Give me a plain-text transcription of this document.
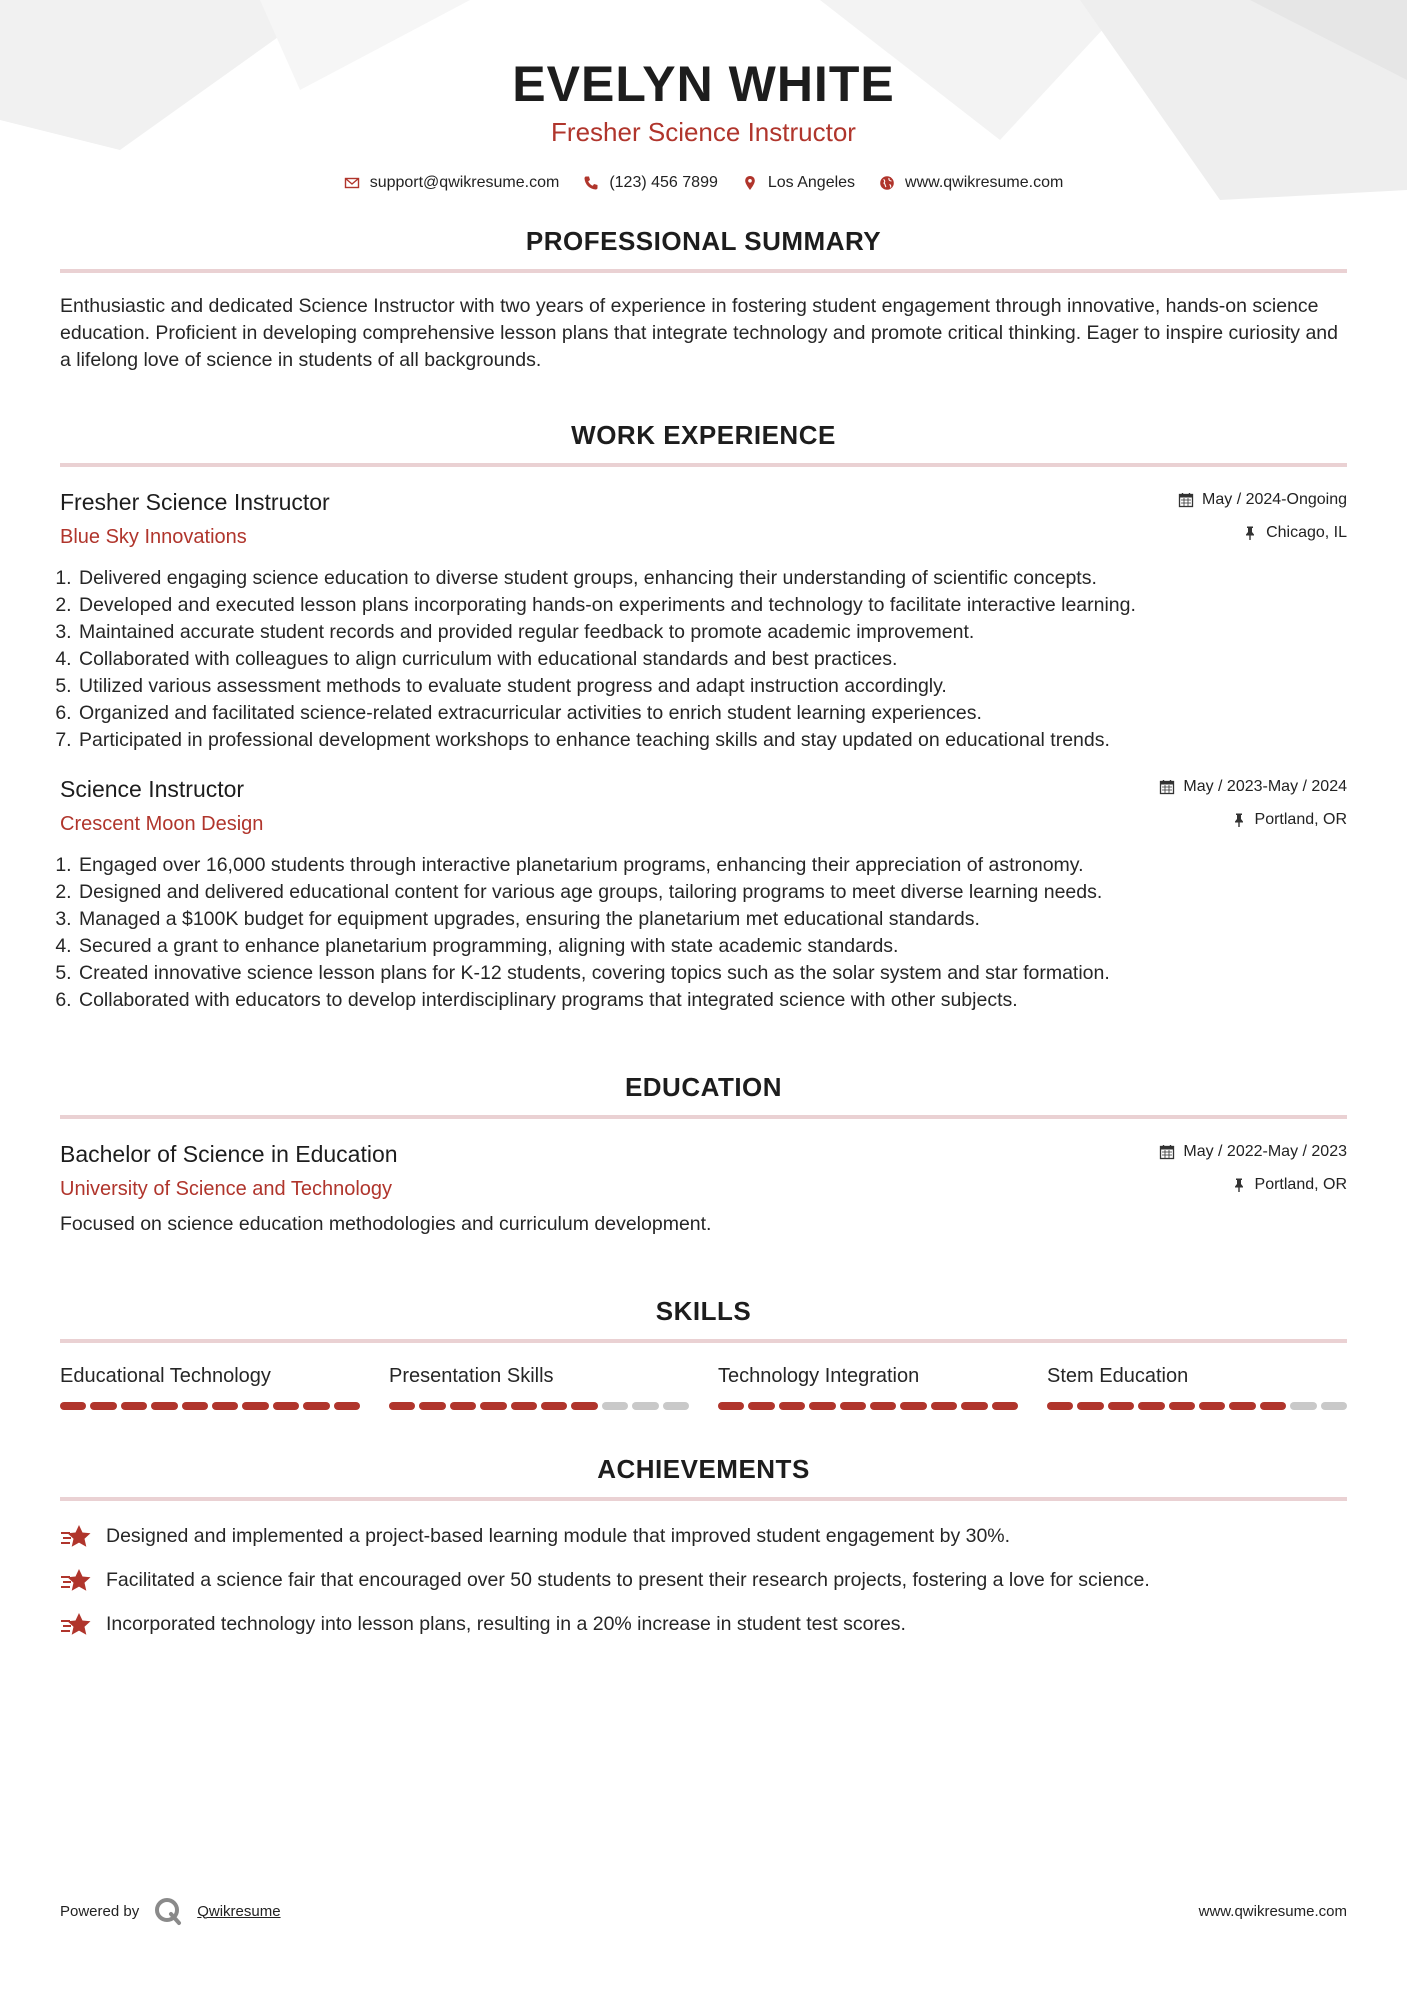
EVELYN WHITE
Fresher Science Instructor
support@qwikresume.com	(123) 456 7899	Los Angeles	www.qwikresume.com
PROFESSIONAL SUMMARY

Enthusiastic and dedicated Science Instructor with two years of experience in fostering student engagement through innovative, hands-on science education. Proficient in developing comprehensive lesson plans that integrate technology and promote critical thinking. Eager to inspire curiosity and a lifelong love of science in students of all backgrounds.

WORK EXPERIENCE
Fresher Science Instructor
Blue Sky Innovations
May / 2024-Ongoing
Chicago, IL
1. Delivered engaging science education to diverse student groups, enhancing their understanding of scientific concepts.
2. Developed and executed lesson plans incorporating hands-on experiments and technology to facilitate interactive learning.
3. Maintained accurate student records and provided regular feedback to promote academic improvement.
4. Collaborated with colleagues to align curriculum with educational standards and best practices.
5. Utilized various assessment methods to evaluate student progress and adapt instruction accordingly.
6. Organized and facilitated science-related extracurricular activities to enrich student learning experiences.
7. Participated in professional development workshops to enhance teaching skills and stay updated on educational trends.
Science Instructor
Crescent Moon Design
May / 2023-May / 2024
Portland, OR
1. Engaged over 16,000 students through interactive planetarium programs, enhancing their appreciation of astronomy.
2. Designed and delivered educational content for various age groups, tailoring programs to meet diverse learning needs.
3. Managed a $100K budget for equipment upgrades, ensuring the planetarium met educational standards.
4. Secured a grant to enhance planetarium programming, aligning with state academic standards.
5. Created innovative science lesson plans for K-12 students, covering topics such as the solar system and star formation.
6. Collaborated with educators to develop interdisciplinary programs that integrated science with other subjects.
EDUCATION
Bachelor of Science in Education
University of Science and Technology
May / 2022-May / 2023
Portland, OR
Focused on science education methodologies and curriculum development.
SKILLS
Educational Technology	Presentation Skills	Technology Integration	Stem Education
ACHIEVEMENTS
Designed and implemented a project-based learning module that improved student engagement by 30%.
Facilitated a science fair that encouraged over 50 students to present their research projects, fostering a love for science.
Incorporated technology into lesson plans, resulting in a 20% increase in student test scores.
Powered by	Qwikresume	www.qwikresume.com
